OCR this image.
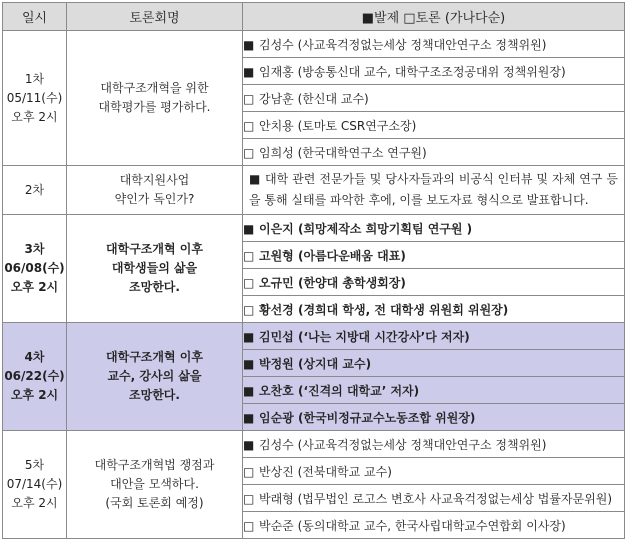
일시	토론회명	■발제 □토론 (가나다순)

1차
05/11(수)
오후 2시	대학구조개혁을 위한
대학평가를 평가하다.	■ 김성수 (사교육걱정없는세상 정책대안연구소 정책위원)
		■ 임재홍 (방송통신대 교수, 대학구조조정공대위 정책위원장)
		□ 강남훈 (한신대 교수)
		□ 안치용 (토마토 CSR연구소장)
		□ 임희성 (한국대학연구소 연구원)

2차	대학지원사업
약인가 독인가?	■ 대학 관련 전문가들 및 당사자들과의 비공식 인터뷰 및 자체 연구 등을 통해 실태를 파악한 후에, 이를 보도자료 형식으로 발표합니다.

3차
06/08(수)
오후 2시	대학구조개혁 이후
대학생들의 삶을
조망한다.	■ 이은지 (희망제작소 희망기획팀 연구원 )
		□ 고원형 (아름다운배움 대표)
		□ 오규민 (한양대 총학생회장)
		□ 황선경 (경희대 학생, 전 대학생 위원회 위원장)

4차
06/22(수)
오후 2시	대학구조개혁 이후
교수, 강사의 삶을
조망한다.	■ 김민섭 (‘나는 지방대 시간강사’다 저자)
		■ 박정원 (상지대 교수)
		■ 오찬호 (‘진격의 대학교’ 저자)
		■ 임순광 (한국비정규교수노동조합 위원장)

5차
07/14(수)
오후 2시	대학구조개혁법 쟁점과
대안을 모색하다.
(국회 토론회 예정)	■ 김성수 (사교육걱정없는세상 정책대안연구소 정책위원)
		□ 반상진 (전북대학교 교수)
		□ 박래형 (법무법인 로고스 변호사 사교육걱정없는세상 법률자문위원)
		□ 박순준 (동의대학교 교수, 한국사립대학교수연합회 이사장)
